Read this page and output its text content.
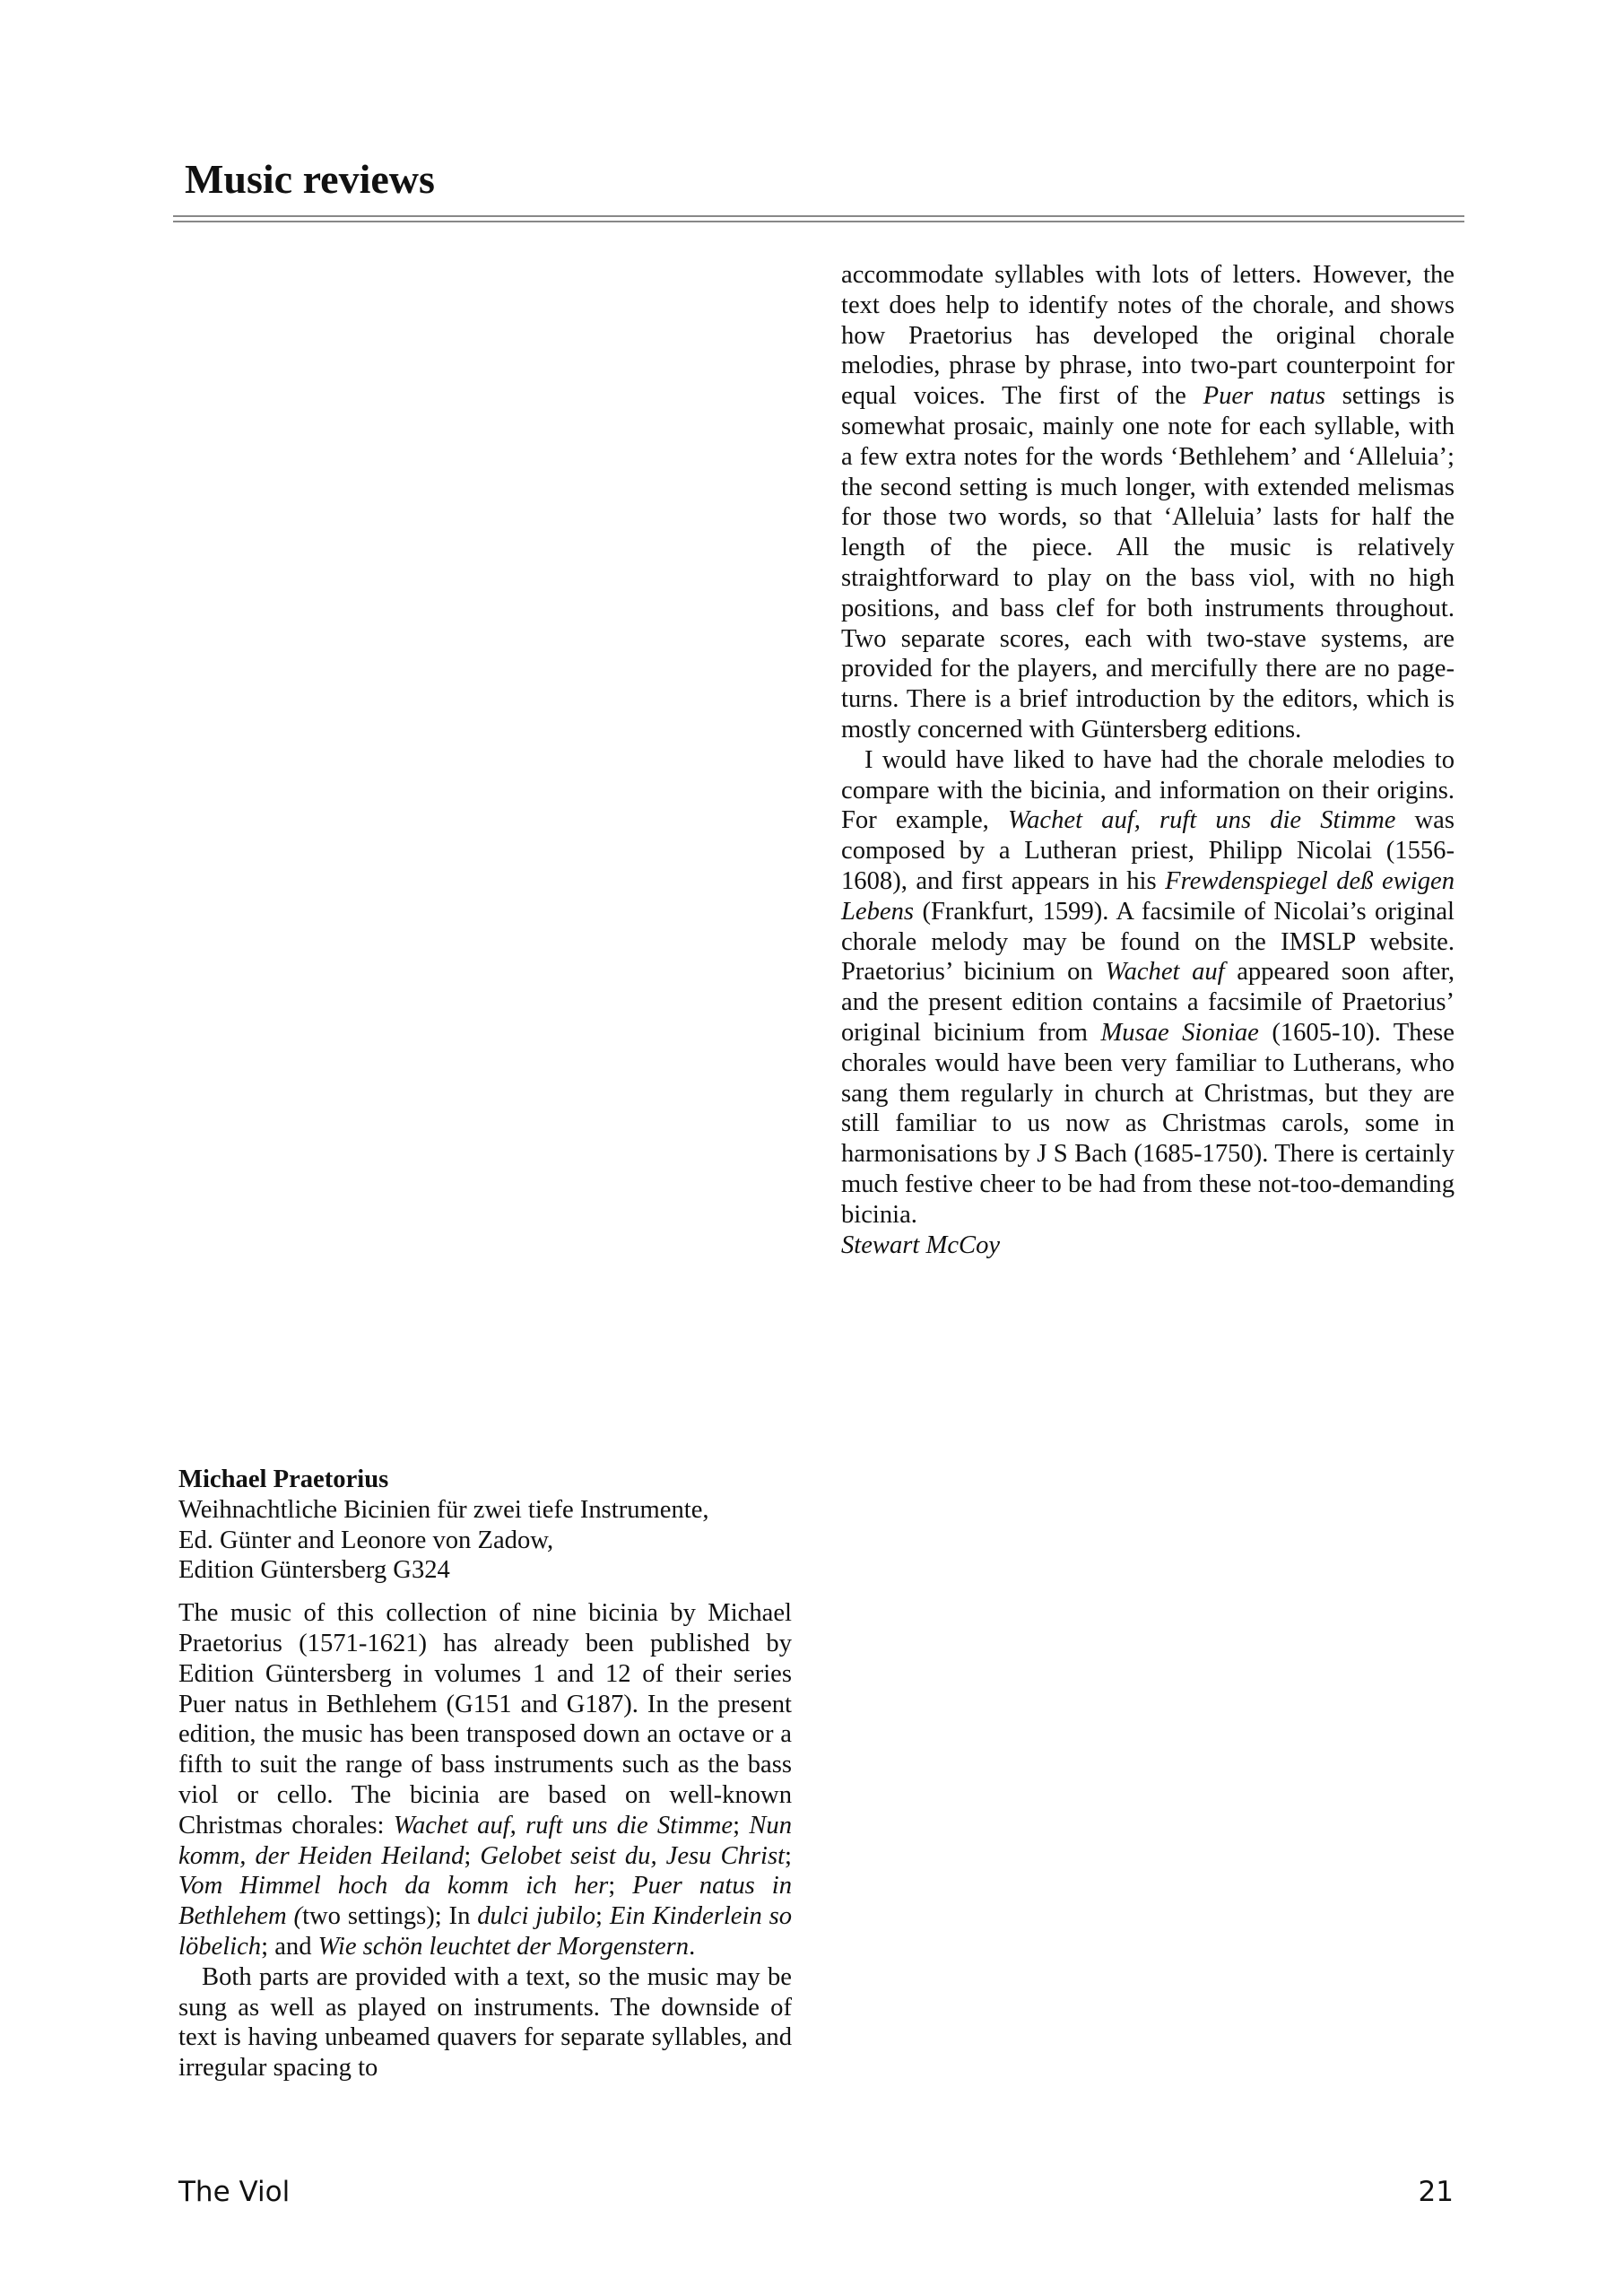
Music reviews

accommodate syllables with lots of letters. However, the text does help to identify notes of the chorale, and shows how Praetorius has developed the original chorale melodies, phrase by phrase, into two-part counterpoint for equal voices. The first of the Puer natus settings is somewhat prosaic, mainly one note for each syllable, with a few extra notes for the words ‘Bethlehem’ and ‘Alleluia’; the second setting is much longer, with extended melismas for those two words, so that ‘Alleluia’ lasts for half the length of the piece. All the music is relatively straightforward to play on the bass viol, with no high positions, and bass clef for both instruments throughout. Two separate scores, each with two-stave systems, are provided for the players, and mercifully there are no page-turns. There is a brief introduction by the editors, which is mostly concerned with Güntersberg editions.

I would have liked to have had the chorale melodies to compare with the bicinia, and information on their origins. For example, Wachet auf, ruft uns die Stimme was composed by a Lutheran priest, Philipp Nicolai (1556-1608), and first appears in his Frewdenspiegel deß ewigen Lebens (Frankfurt, 1599). A facsimile of Nicolai’s original chorale melody may be found on the IMSLP website. Praetorius’ bicinium on Wachet auf appeared soon after, and the present edition contains a facsimile of Praetorius’ original bicinium from Musae Sioniae (1605-10). These chorales would have been very familiar to Lutherans, who sang them regularly in church at Christmas, but they are still familiar to us now as Christmas carols, some in harmonisations by J S Bach (1685-1750). There is certainly much festive cheer to be had from these not-too-demanding bicinia.

Stewart McCoy

Michael Praetorius
Weihnachtliche Bicinien für zwei tiefe Instrumente,
Ed. Günter and Leonore von Zadow,
Edition Güntersberg G324

The music of this collection of nine bicinia by Michael Praetorius (1571-1621) has already been published by Edition Güntersberg in volumes 1 and 12 of their series Puer natus in Bethlehem (G151 and G187). In the present edition, the music has been transposed down an octave or a fifth to suit the range of bass instruments such as the bass viol or cello. The bicinia are based on well-known Christmas chorales: Wachet auf, ruft uns die Stimme; Nun komm, der Heiden Heiland; Gelobet seist du, Jesu Christ; Vom Himmel hoch da komm ich her; Puer natus in Bethlehem (two settings); In dulci jubilo; Ein Kinderlein so löbelich; and Wie schön leuchtet der Morgenstern.

Both parts are provided with a text, so the music may be sung as well as played on instruments. The downside of text is having unbeamed quavers for separate syllables, and irregular spacing to

The Viol	21
